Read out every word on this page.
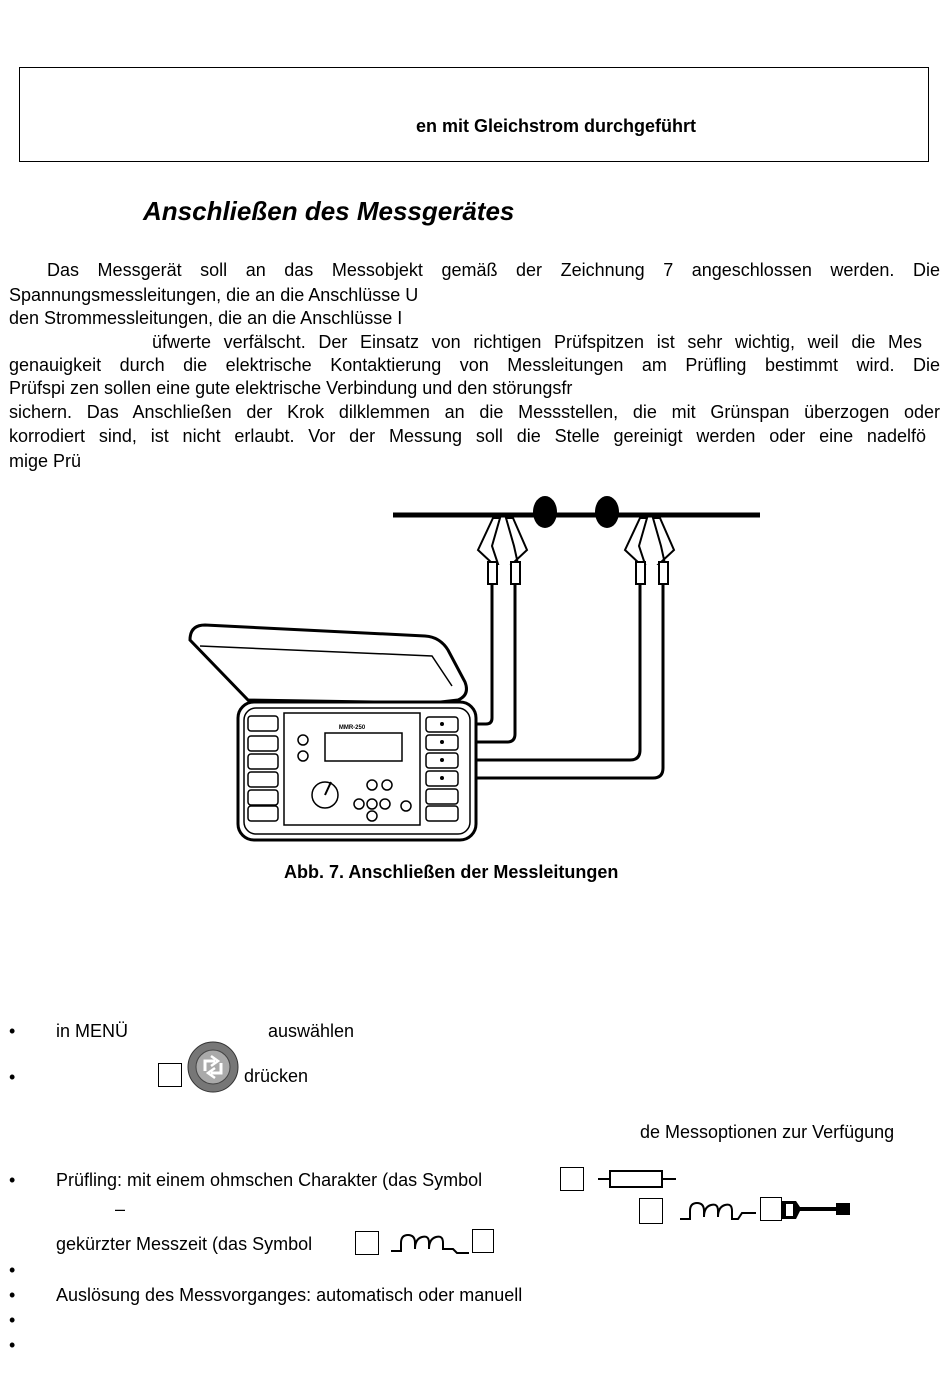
en mit Gleichstrom durchgeführt
Anschließen des Messgerätes
Das Messgerät soll an das Messobjekt gemäß der Zeichnung 7 angeschlossen werden. Die
Spannungsmessleitungen, die an die Anschlüsse U
den Strommessleitungen, die an die Anschlüsse I
üfwerte verfälscht. Der Einsatz von richtigen Prüfspitzen ist sehr wichtig, weil die Mes
genauigkeit durch die elektrische Kontaktierung von Messleitungen am Prüfling bestimmt wird. Die
Prüfspi zen sollen eine gute elektrische Verbindung und den störungsfr
sichern. Das Anschließen der Krok dilklemmen an die Messstellen, die mit Grünspan überzogen oder
korrodiert sind, ist nicht erlaubt. Vor der Messung soll die Stelle gereinigt werden oder eine nadelfö
mige Prü
MMR-250
Abb. 7. Anschließen der Messleitungen
• in MENÜ	auswählen
•	drücken
de Messoptionen zur Verfügung
• Prüfling: mit einem ohmschen Charakter (das Symbol
–
gekürzter Messzeit (das Symbol
•
• Auslösung des Messvorganges: automatisch oder manuell
•
•
